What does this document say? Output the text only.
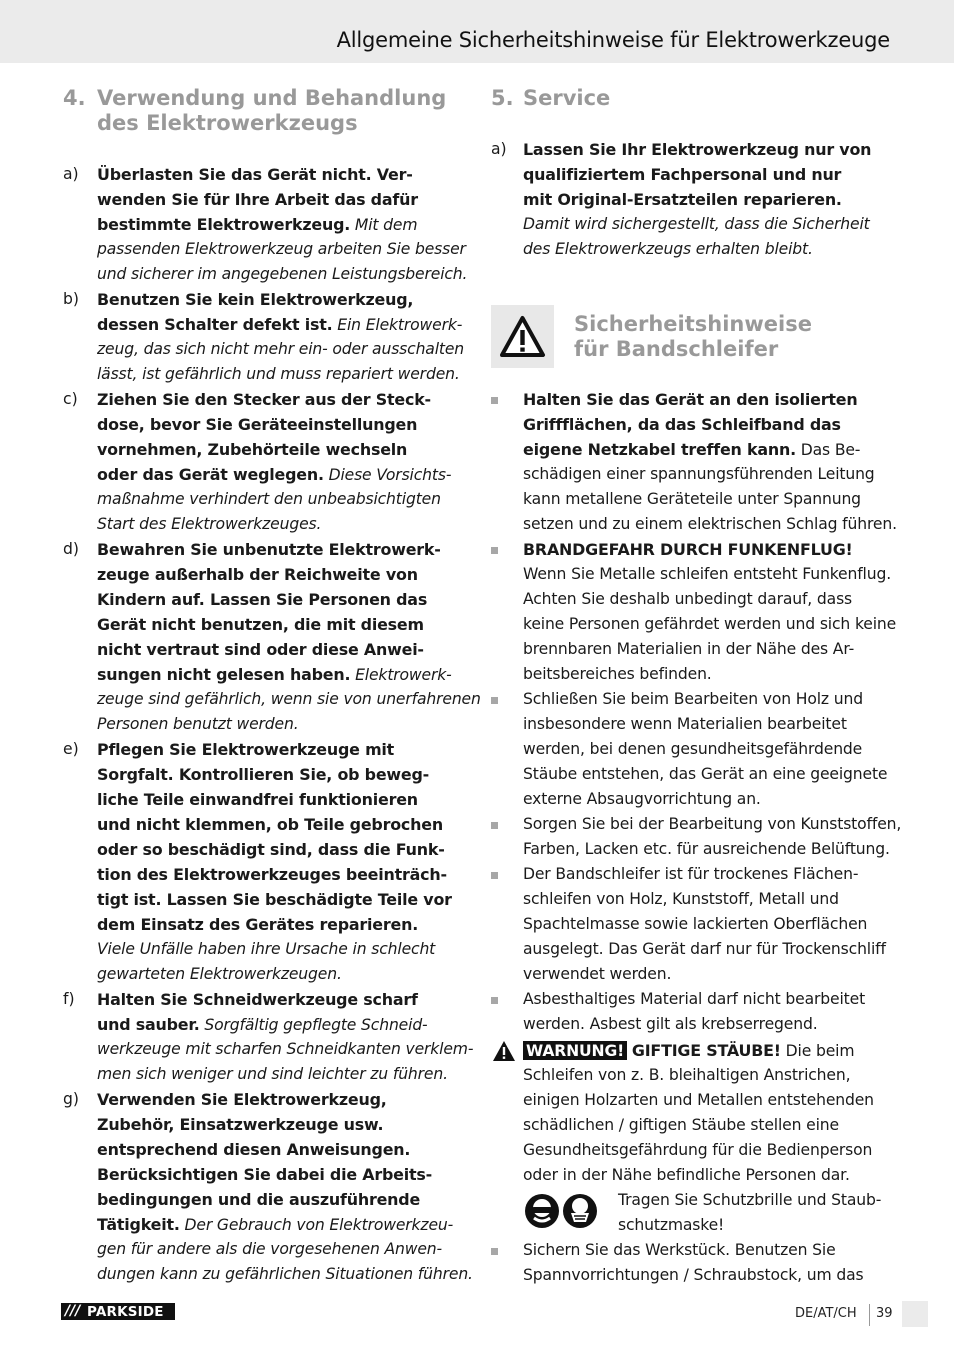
Allgemeine Sicherheitshinweise für Elektrowerkzeuge
4. Verwendung und Behandlung
des Elektrowerkzeugs
a) Überlasten Sie das Gerät nicht. Ver-
wenden Sie für Ihre Arbeit das dafür
bestimmte Elektrowerkzeug. Mit dem
passenden Elektrowerkzeug arbeiten Sie besser
und sicherer im angegebenen Leistungsbereich.
b) Benutzen Sie kein Elektrowerkzeug,
dessen Schalter defekt ist. Ein Elektrowerk-
zeug, das sich nicht mehr ein- oder ausschalten
lässt, ist gefährlich und muss repariert werden.
c) Ziehen Sie den Stecker aus der Steck-
dose, bevor Sie Geräteeinstellungen
vornehmen, Zubehörteile wechseln
oder das Gerät weglegen. Diese Vorsichts-
maßnahme verhindert den unbeabsichtigten
Start des Elektrowerkzeuges.
d) Bewahren Sie unbenutzte Elektrowerk-
zeuge außerhalb der Reichweite von
Kindern auf. Lassen Sie Personen das
Gerät nicht benutzen, die mit diesem
nicht vertraut sind oder diese Anwei-
sungen nicht gelesen haben. Elektrowerk-
zeuge sind gefährlich, wenn sie von unerfahrenen
Personen benutzt werden.
e) Pflegen Sie Elektrowerkzeuge mit
Sorgfalt. Kontrollieren Sie, ob beweg-
liche Teile einwandfrei funktionieren
und nicht klemmen, ob Teile gebrochen
oder so beschädigt sind, dass die Funk-
tion des Elektrowerkzeuges beeinträch-
tigt ist. Lassen Sie beschädigte Teile vor
dem Einsatz des Gerätes reparieren.
Viele Unfälle haben ihre Ursache in schlecht
gewarteten Elektrowerkzeugen.
f) Halten Sie Schneidwerkzeuge scharf
und sauber. Sorgfältig gepflegte Schneid-
werkzeuge mit scharfen Schneidkanten verklem-
men sich weniger und sind leichter zu führen.
g) Verwenden Sie Elektrowerkzeug,
Zubehör, Einsatzwerkzeuge usw.
entsprechend diesen Anweisungen.
Berücksichtigen Sie dabei die Arbeits-
bedingungen und die auszuführende
Tätigkeit. Der Gebrauch von Elektrowerkzeu-
gen für andere als die vorgesehenen Anwen-
dungen kann zu gefährlichen Situationen führen.
5. Service
a) Lassen Sie Ihr Elektrowerkzeug nur von
qualifiziertem Fachpersonal und nur
mit Original-Ersatzteilen reparieren.
Damit wird sichergestellt, dass die Sicherheit
des Elektrowerkzeugs erhalten bleibt.
Sicherheitshinweise
für Bandschleifer
Halten Sie das Gerät an den isolierten
Griffflächen, da das Schleifband das
eigene Netzkabel treffen kann. Das Be-
schädigen einer spannungsführenden Leitung
kann metallene Geräteteile unter Spannung
setzen und zu einem elektrischen Schlag führen.
BRANDGEFAHR DURCH FUNKENFLUG!
Wenn Sie Metalle schleifen entsteht Funkenflug.
Achten Sie deshalb unbedingt darauf, dass
keine Personen gefährdet werden und sich keine
brennbaren Materialien in der Nähe des Ar-
beitsbereiches befinden.
Schließen Sie beim Bearbeiten von Holz und
insbesondere wenn Materialien bearbeitet
werden, bei denen gesundheitsgefährdende
Stäube entstehen, das Gerät an eine geeignete
externe Absaugvorrichtung an.
Sorgen Sie bei der Bearbeitung von Kunststoffen,
Farben, Lacken etc. für ausreichende Belüftung.
Der Bandschleifer ist für trockenes Flächen-
schleifen von Holz, Kunststoff, Metall und
Spachtelmasse sowie lackierten Oberflächen
ausgelegt. Das Gerät darf nur für Trockenschliff
verwendet werden.
Asbesthaltiges Material darf nicht bearbeitet
werden. Asbest gilt als krebserregend.
WARNUNG! GIFTIGE STÄUBE! Die beim
Schleifen von z. B. bleihaltigen Anstrichen,
einigen Holzarten und Metallen entstehenden
schädlichen / giftigen Stäube stellen eine
Gesundheitsgefährdung für die Bedienperson
oder in der Nähe befindliche Personen dar.
Tragen Sie Schutzbrille und Staub-
schutzmaske!
Sichern Sie das Werkstück. Benutzen Sie
Spannvorrichtungen / Schraubstock, um das
/// PARKSIDE	DE/AT/CH 39
